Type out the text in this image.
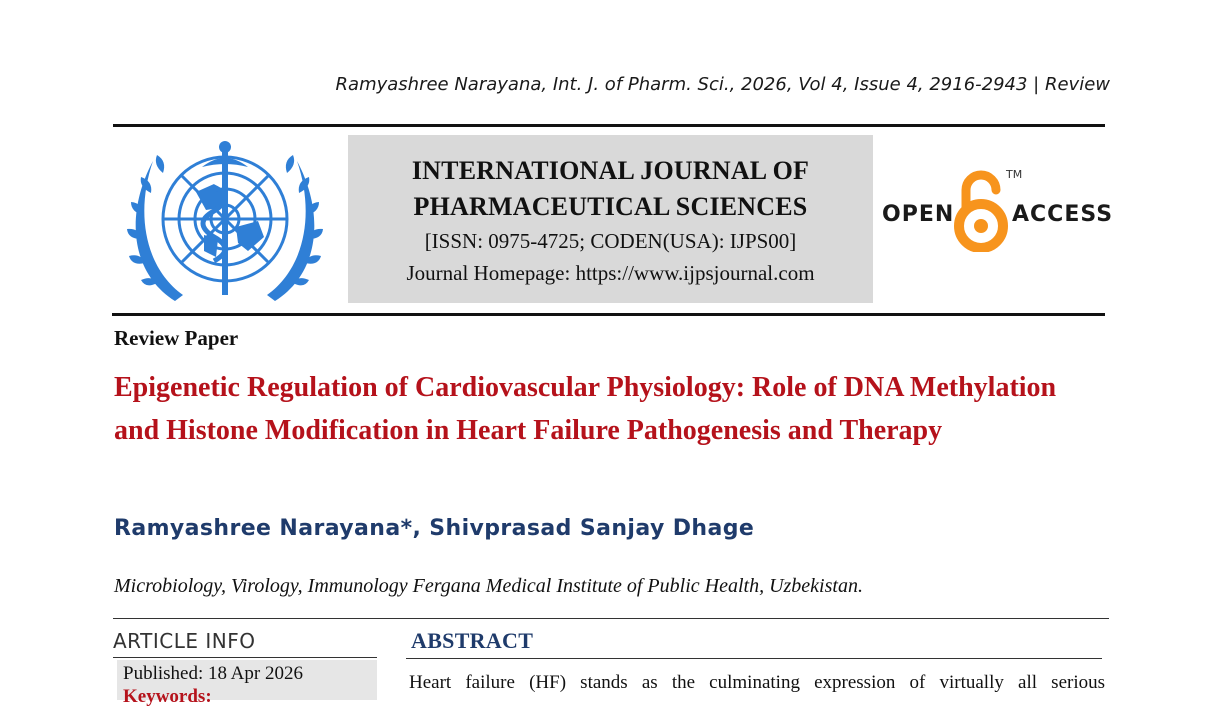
Ramyashree Narayana, Int. J. of Pharm. Sci., 2026, Vol 4, Issue 4, 2916-2943 | Review
INTERNATIONAL JOURNAL OF
PHARMACEUTICAL SCIENCES
[ISSN: 0975-4725; CODEN(USA): IJPS00]
Journal Homepage: https://www.ijpsjournal.com
OPEN
TM
ACCESS
Review Paper
Epigenetic Regulation of Cardiovascular Physiology: Role of DNA Methylation and Histone Modification in Heart Failure Pathogenesis and Therapy
Ramyashree Narayana*, Shivprasad Sanjay Dhage
Microbiology, Virology, Immunology Fergana Medical Institute of Public Health, Uzbekistan.
ARTICLE INFO
Published: 18 Apr 2026
Keywords:
ABSTRACT
Heart failure (HF) stands as the culminating expression of virtually all serious
